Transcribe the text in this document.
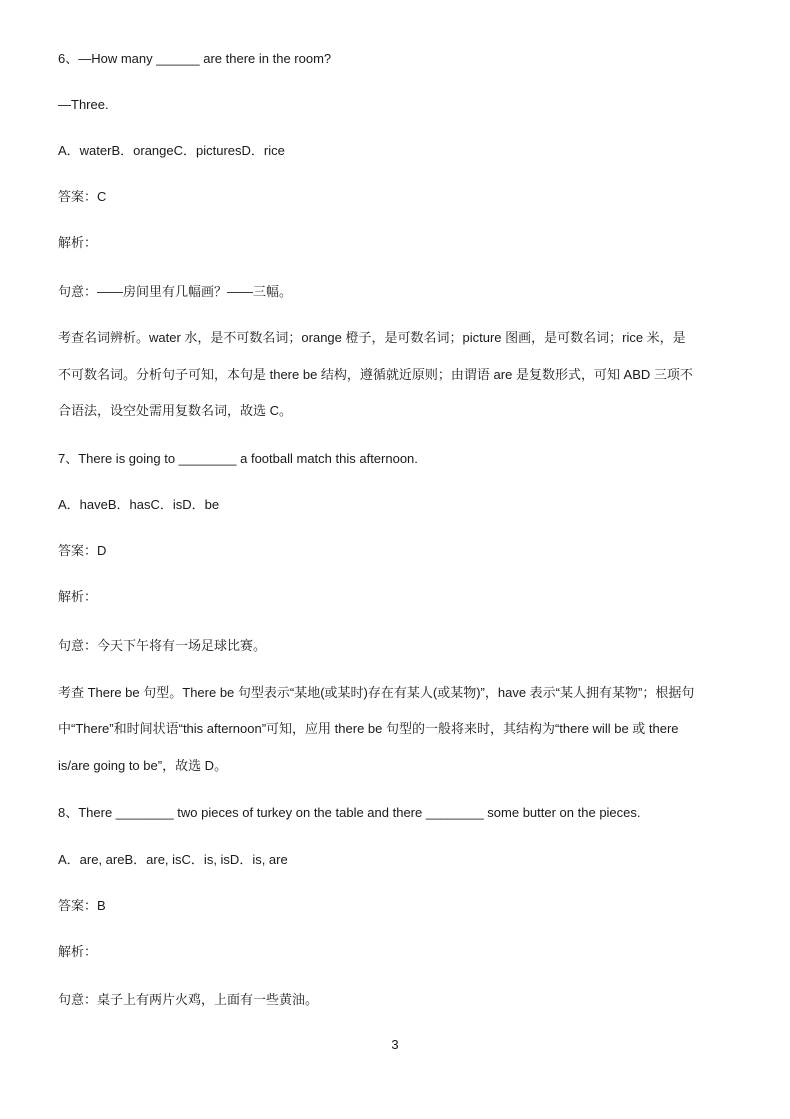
6、—How many ______ are there in the room?
—Three.
A．waterB．orangeC．picturesD．rice
答案：C
解析：
句意：——房间里有几幅画？——三幅。
考查名词辨析。water 水，是不可数名词；orange 橙子，是可数名词；picture 图画，是可数名词；rice 米，是
不可数名词。分析句子可知，本句是 there be 结构，遵循就近原则；由谓语 are 是复数形式，可知 ABD 三项不
合语法，设空处需用复数名词，故选 C。
7、There is going to ________ a football match this afternoon.
A．haveB．hasC．isD．be
答案：D
解析：
句意：今天下午将有一场足球比赛。
考查 There be 句型。There be 句型表示“某地(或某时)存在有某人(或某物)”，have 表示“某人拥有某物”；根据句
中“There”和时间状语“this afternoon”可知，应用 there be 句型的一般将来时，其结构为“there will be 或 there
is/are going to be”，故选 D。
8、There ________ two pieces of turkey on the table and there ________ some butter on the pieces.
A．are, areB．are, isC．is, isD．is, are
答案：B
解析：
句意：桌子上有两片火鸡，上面有一些黄油。
3
